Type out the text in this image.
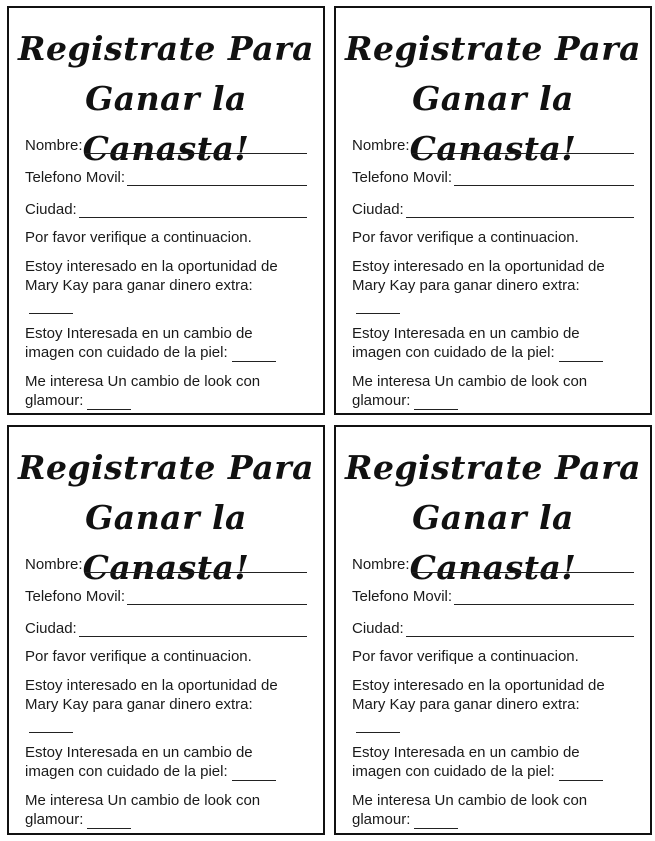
Registrate Para
Ganar la Canasta!
Nombre:
Telefono Movil:
Ciudad:
Por favor verifique a continuacion.
Estoy interesado en la oportunidad de Mary Kay para ganar dinero extra:
Estoy Interesada en un cambio de imagen con cuidado de la piel:
Me interesa Un cambio de look con glamour:
Registrate Para
Ganar la Canasta!
Nombre:
Telefono Movil:
Ciudad:
Por favor verifique a continuacion.
Estoy interesado en la oportunidad de Mary Kay para ganar dinero extra:
Estoy Interesada en un cambio de imagen con cuidado de la piel:
Me interesa Un cambio de look con glamour:
Registrate Para
Ganar la Canasta!
Nombre:
Telefono Movil:
Ciudad:
Por favor verifique a continuacion.
Estoy interesado en la oportunidad de Mary Kay para ganar dinero extra:
Estoy Interesada en un cambio de imagen con cuidado de la piel:
Me interesa Un cambio de look con glamour:
Registrate Para
Ganar la Canasta!
Nombre:
Telefono Movil:
Ciudad:
Por favor verifique a continuacion.
Estoy interesado en la oportunidad de Mary Kay para ganar dinero extra:
Estoy Interesada en un cambio de imagen con cuidado de la piel:
Me interesa Un cambio de look con glamour:
